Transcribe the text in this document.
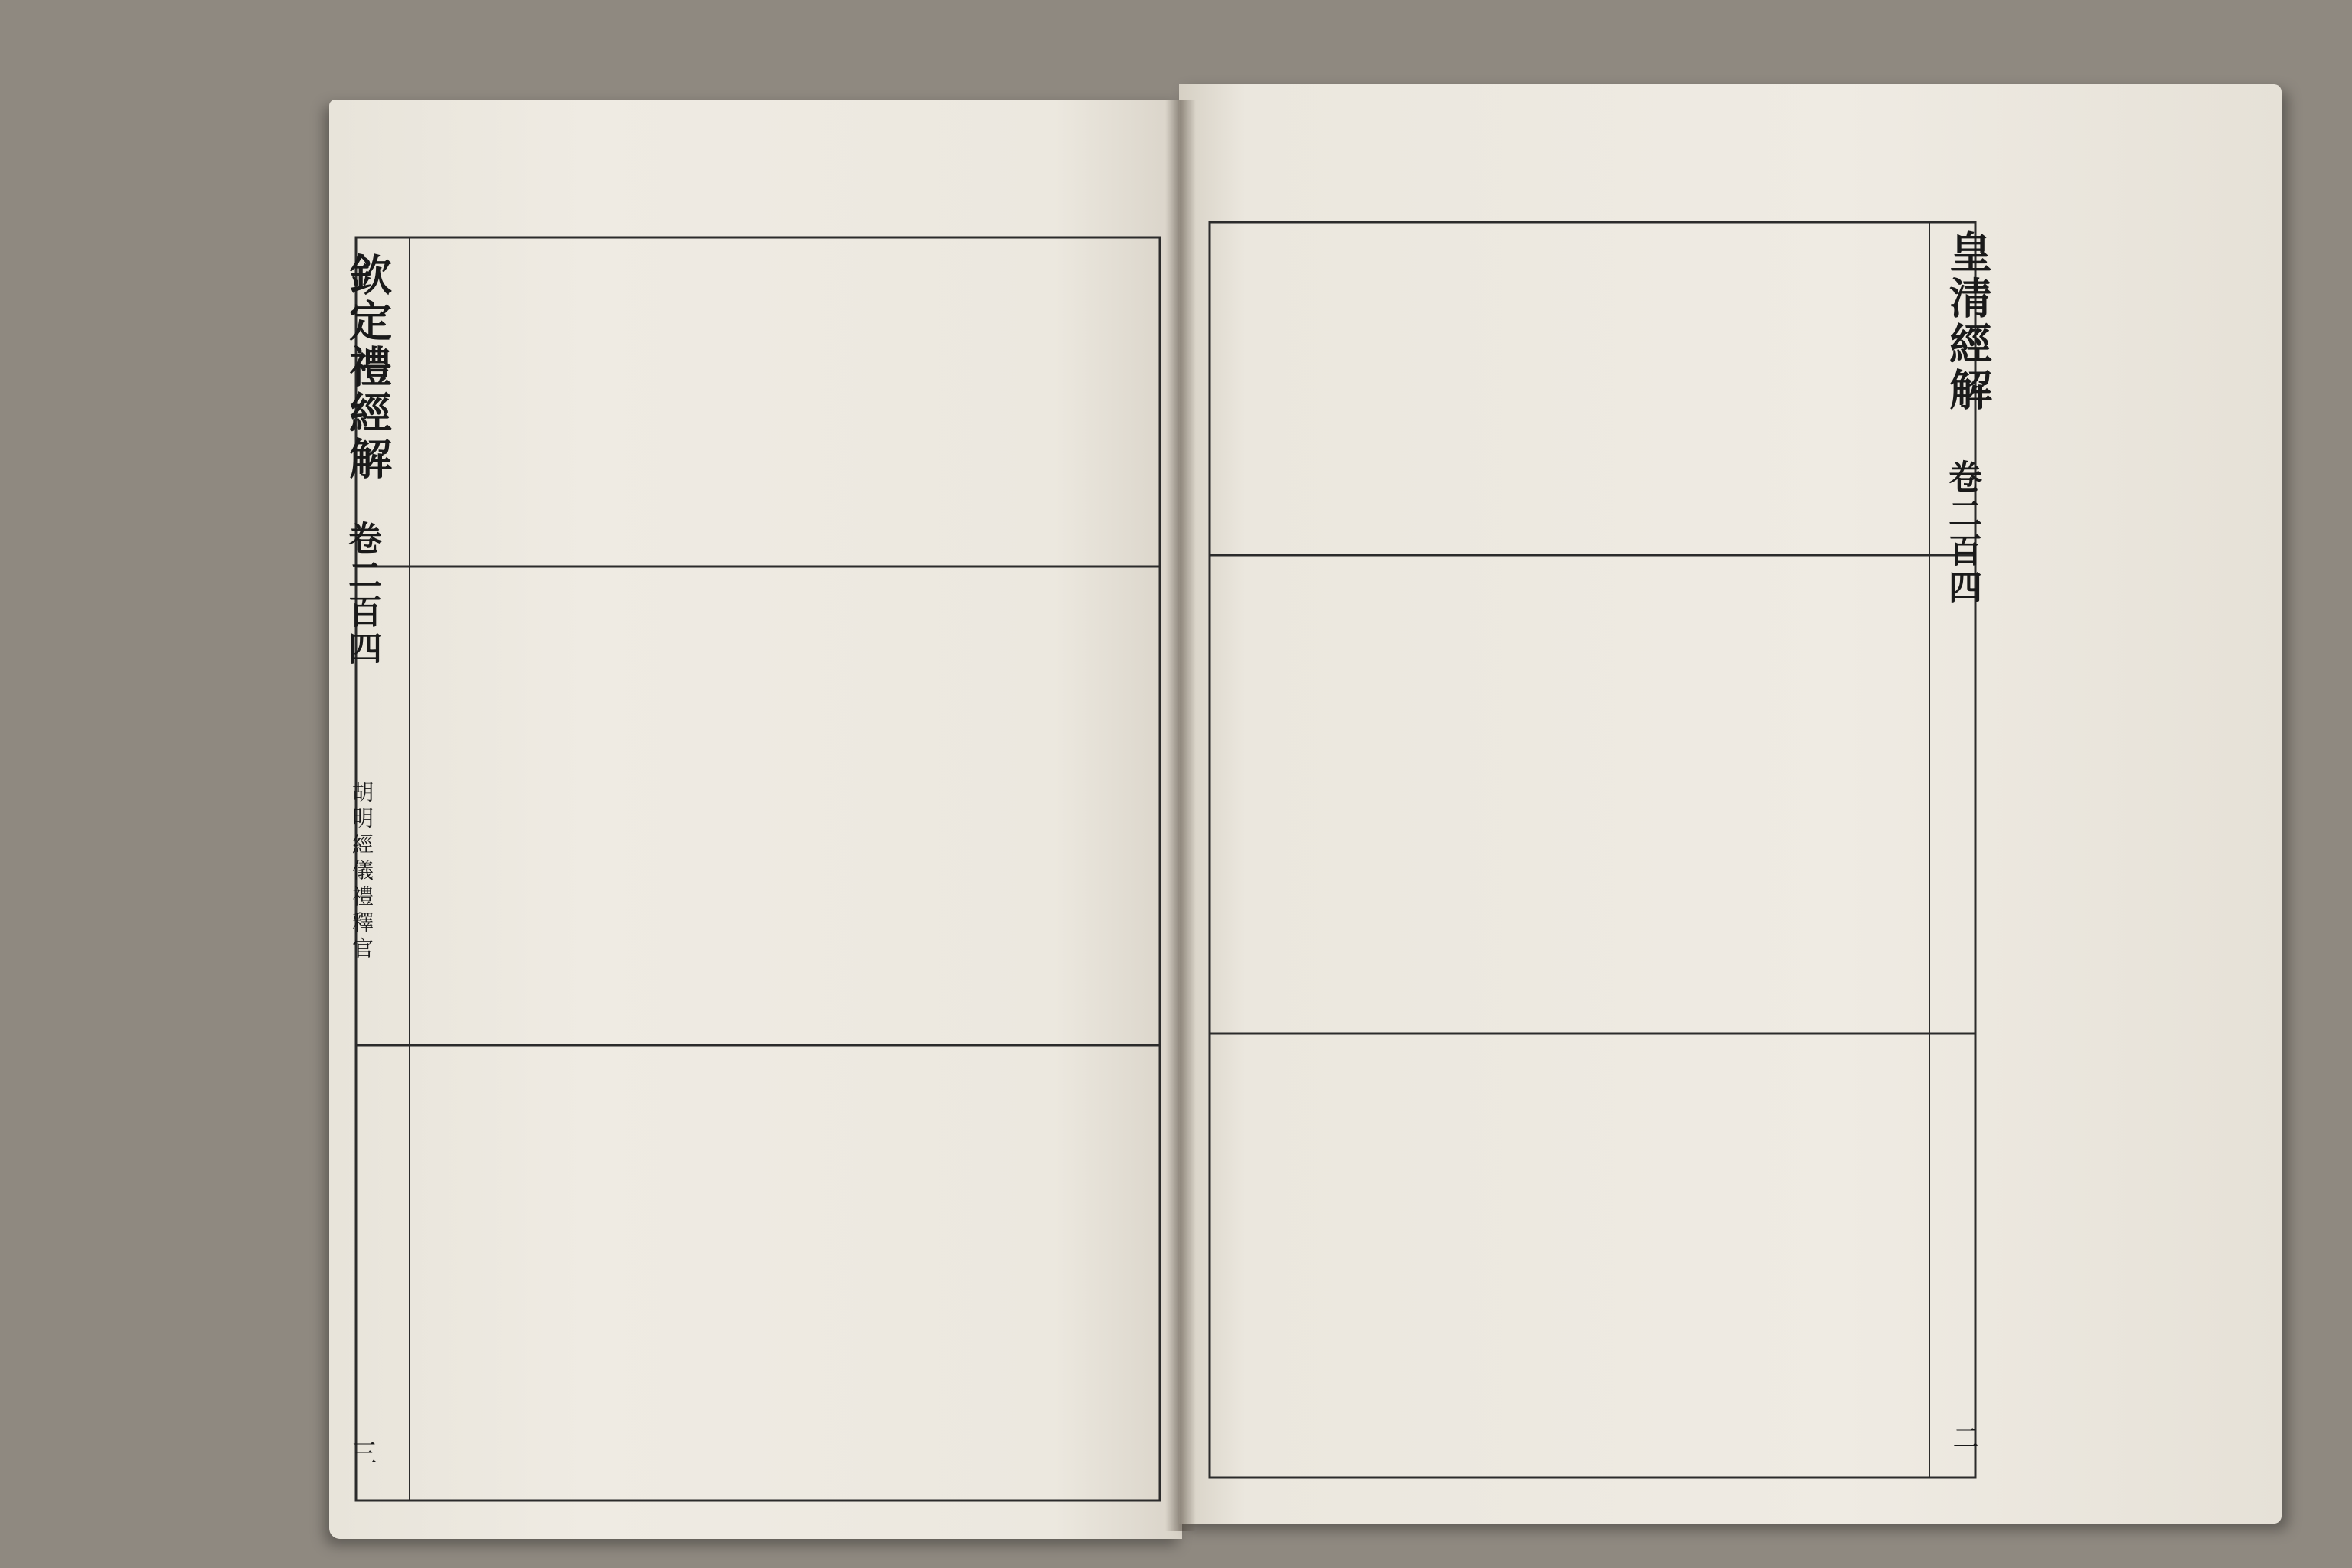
欽定禮經解
卷二百四
三
胡明經儀禮釋官
皇清經解
卷二百四
二
